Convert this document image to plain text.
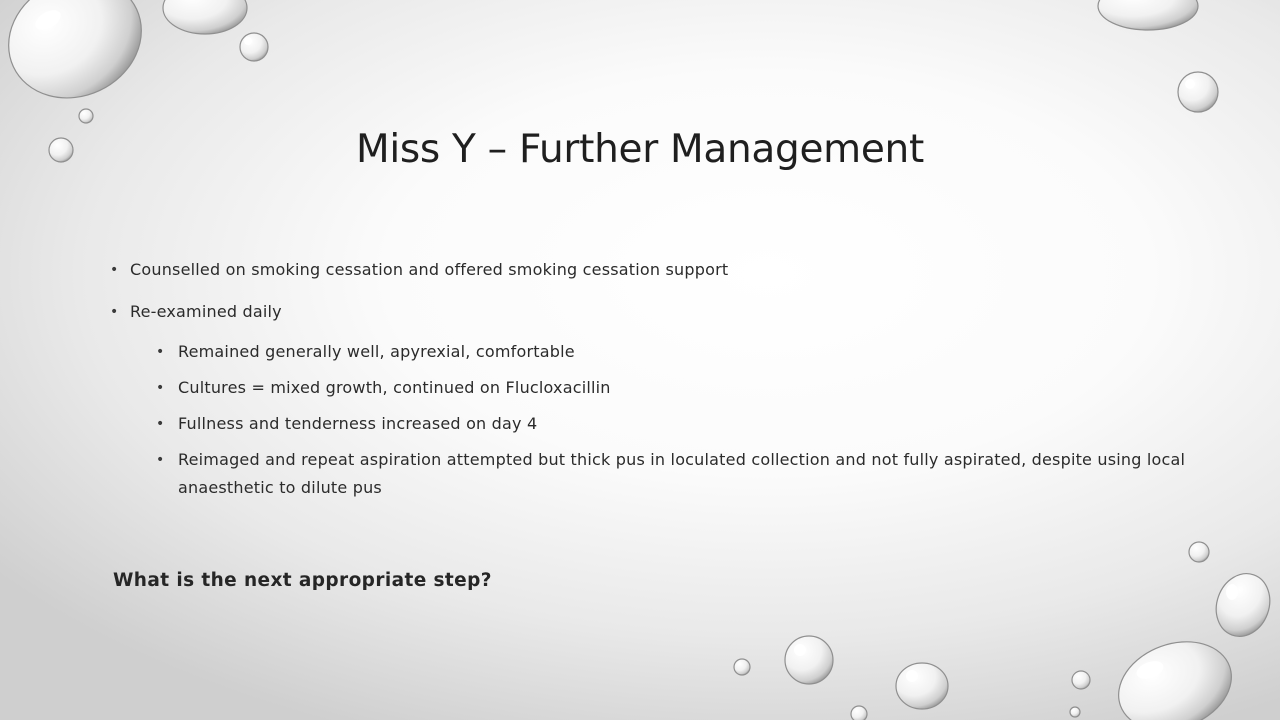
Miss Y – Further Management
• Counselled on smoking cessation and offered smoking cessation support
• Re-examined daily
• Remained generally well, apyrexial, comfortable
• Cultures = mixed growth, continued on Flucloxacillin
• Fullness and tenderness increased on day 4
• Reimaged and repeat aspiration attempted but thick pus in loculated collection and not fully aspirated, despite using local anaesthetic to dilute pus
What is the next appropriate step?
